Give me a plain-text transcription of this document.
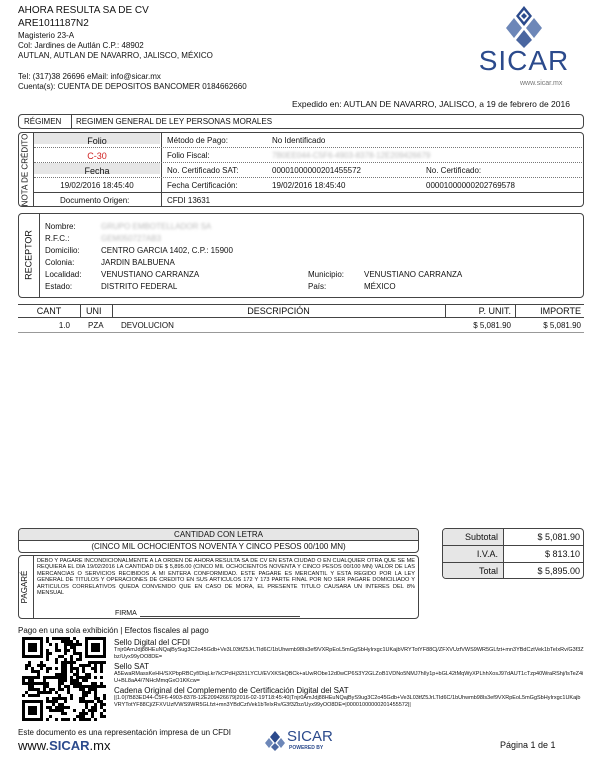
AHORA RESULTA SA DE CV
ARE1011187N2
Magisterio 23-A
Col: Jardines de Autlán C.P.: 48902
AUTLAN, AUTLAN DE NAVARRO, JALISCO, MÉXICO
Tel: (317)38 26696 eMail: info@sicar.mx
Cuenta(s): CUENTA DE DEPOSITOS BANCOMER 0184662660
SICAR
www.sicar.mx
Expedido en: AUTLAN DE NAVARRO, JALISCO, a 19 de febrero de 2016
RÉGIMEN REGIMEN GENERAL DE LEY PERSONAS MORALES
NOTA DE CRÉDITO	Folio
C-30
Fecha
19/02/2016 18:45:40
Método de Pago:	No Identificado
Folio Fiscal:	7B0EE044-C5F6-4903-8378-12E209426679
No. Certificado SAT:	00001000000201455572	No. Certificado:
Fecha Certificación:	19/02/2016 18:45:40	00001000000202769578
Documento Origen:	CFDI 13631
RECEPTOR
Nombre:	GRUPO EMBOTELLADOR SA
R.F.C.:	GEM050727AB3
Domicilio:	CENTRO GARCIA 1402, C.P.: 15900
Colonia:	JARDIN BALBUENA
Localidad: VENUSTIANO CARRANZA	Municipio: VENUSTIANO CARRANZA
Estado:	DISTRITO FEDERAL	País:	MÉXICO
CANT	UNI	DESCRIPCIÓN	P. UNIT.	IMPORTE
1.0 PZA DEVOLUCION	$ 5,081.90	$ 5,081.90
CANTIDAD CON LETRA
(CINCO MIL OCHOCIENTOS NOVENTA Y CINCO PESOS 00/100 MN)
Subtotal	$ 5,081.90
I.V.A.	$ 813.10
Total	$ 5,895.00
PAGARÉ
DEBO Y PAGARE INCONDICIONALMENTE A LA ORDEN DE AHORA RESULTA SA DE CV EN ESTA CIUDAD O EN CUALQUIER OTRA QUE SE ME REQUIERA EL DIA 19/02/2016 LA CANTIDAD DE $ 5,895.00 (CINCO MIL OCHOCIENTOS NOVENTA Y CINCO PESOS 00/100 MN) VALOR DE LAS MERCANCIAS O SERVICIOS RECIBIDOS A MI ENTERA CONFORMIDAD. ESTE PAGARE ES MERCANTIL Y ESTA REGIDO POR LA LEY GENERAL DE TITULOS Y OPERACIONES DE CREDITO EN SUS ARTICULOS 172 Y 173 PARTE FINAL POR NO SER PAGARE DOMICILIADO Y ARTICULOS CORRELATIVOS QUEDA CONVENIDO QUE EN CASO DE MORA, EL PRESENTE TITULO CAUSARA UN INTERES DEL 8% MENSUAL
FIRMA
Pago en una sola exhibición | Efectos fiscales al pago
Sello Digital del CFDI
Tnjr0AmJdj88HEuNQajBySug3C2o45Gdb+Ve3L03tfZ5JrLTId6C/1bUhwmb98Is3ef9VXRpEoL5mGgSbHyIrxgc1UKajbVRYTotYF88Cj/ZFXVUzfVWS9WR5GLfzt+mn3YBdCztVek1bTeIxRv/G3f3Zbz/Uyx99yOO8DE=
Sello SAT
A5EwaRMassKeHH/SXPbpRBCyf/DiqLkr7kCPdHj32t1LYCU/EVXKSkQBCk+aUwRObe12d0wCP6S3Y2GLZoB1VDNo5NMJ7hIly1p+bGL42tMqWyXPLhhXosJ97dAUT1cTzp40WraRShj/IsTeZ4iU+BL8aA4/7NHcMmqGxO1KKcw=
Cadena Original del Complemento de Certificación Digital del SAT
||1.0|7B83ED44-C5F6-4903-8378-12E209426679|2016-02-19T18:45:40|Tnjr0AmJdj88HEuNQajByS9ug3C2o45Gdb+Ve3L03tfZ5JrLTId6C/1bUhwmb98Is3ef9VXRpEoL5mGgSbHyIrxgc1UKajbVRYTotYF88Cj/ZFXVUzfVWS9WR5GLfzt+mn3YBdCztVek1bTeIxRv/G3f3Zbz/Uyx99yOO8DE=|00001000000201455572||
Este documento es una representación impresa de un CFDI
www.SICAR.mx
SICAR
POWERED BY	Página 1 de 1
